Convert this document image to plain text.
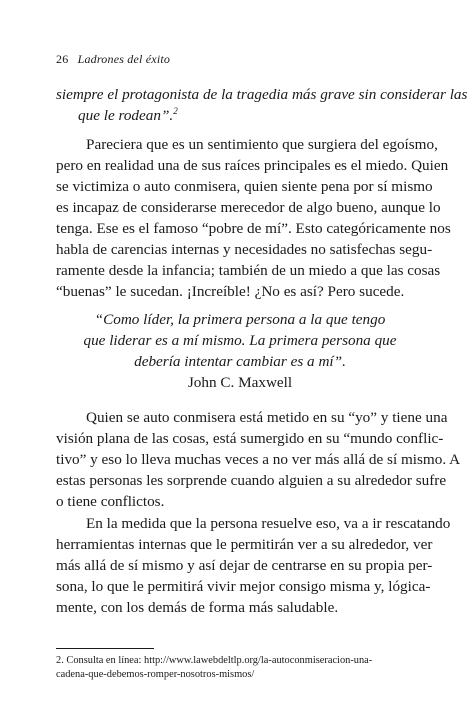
26 Ladrones del éxito
siempre el protagonista de la tragedia más grave sin considerar las
que le rodean”.$^2$
Pareciera que es un sentimiento que surgiera del egoísmo,
pero en realidad una de sus raíces principales es el miedo. Quien
se victimiza o auto conmisera, quien siente pena por sí mismo
es incapaz de considerarse merecedor de algo bueno, aunque lo
tenga. Ese es el famoso “pobre de mí”. Esto categóricamente nos
habla de carencias internas y necesidades no satisfechas segu-
ramente desde la infancia; también de un miedo a que las cosas
“buenas” le sucedan. ¡Increíble! ¿No es así? Pero sucede.
“Como líder, la primera persona a la que tengo
que liderar es a mí mismo. La primera persona que
debería intentar cambiar es a mí”.
John C. Maxwell
Quien se auto conmisera está metido en su “yo” y tiene una
visión plana de las cosas, está sumergido en su “mundo conflic-
tivo” y eso lo lleva muchas veces a no ver más allá de sí mismo. A
estas personas les sorprende cuando alguien a su alrededor sufre
o tiene conflictos.
En la medida que la persona resuelve eso, va a ir rescatando
herramientas internas que le permitirán ver a su alrededor, ver
más allá de sí mismo y así dejar de centrarse en su propia per-
sona, lo que le permitirá vivir mejor consigo misma y, lógica-
mente, con los demás de forma más saludable.
2. Consulta en línea: http://www.lawebdeltlp.org/la-autoconmiseracion-una-
cadena-que-debemos-romper-nosotros-mismos/
